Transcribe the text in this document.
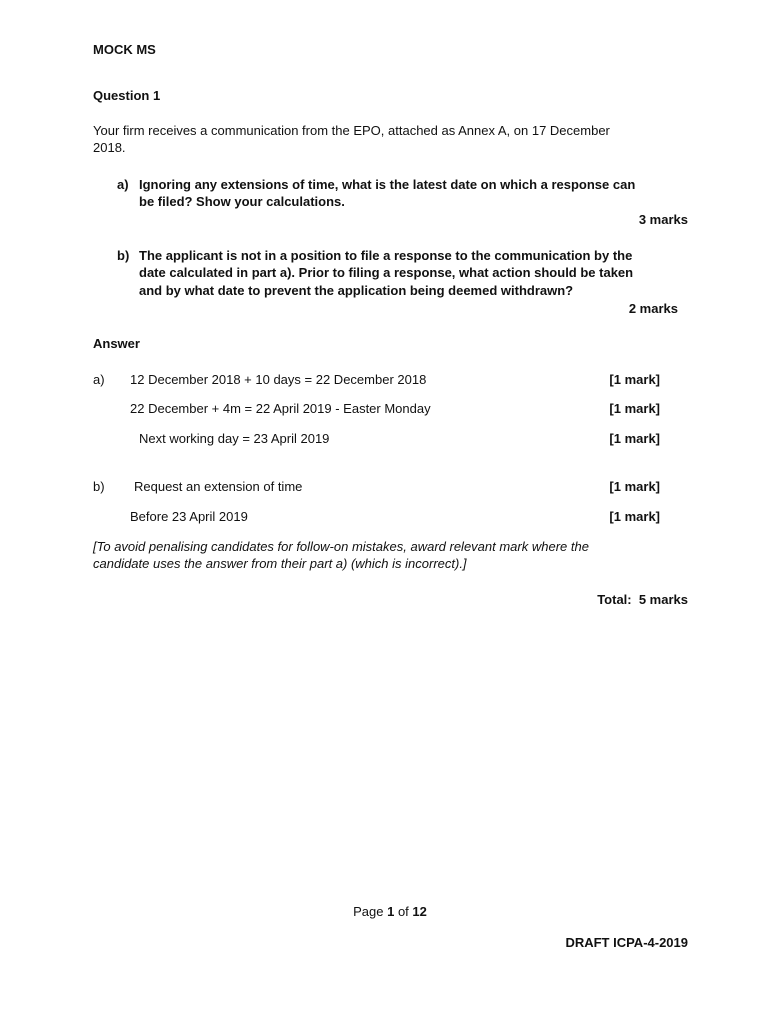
MOCK MS
Question 1
Your firm receives a communication from the EPO, attached as Annex A, on 17 December
2018.
a) Ignoring any extensions of time, what is the latest date on which a response can
be filed? Show your calculations.
3 marks
b) The applicant is not in a position to file a response to the communication by the
date calculated in part a). Prior to filing a response, what action should be taken
and by what date to prevent the application being deemed withdrawn?
2 marks
Answer
a) 12 December 2018 + 10 days = 22 December 2018	[1 mark]
22 December + 4m = 22 April 2019 - Easter Monday	[1 mark]
Next working day = 23 April 2019	[1 mark]
b) Request an extension of time	[1 mark]
Before 23 April 2019	[1 mark]
[To avoid penalising candidates for follow-on mistakes, award relevant mark where the
candidate uses the answer from their part a) (which is incorrect).]
Total:  5 marks
Page 1 of 12
DRAFT ICPA-4-2019
